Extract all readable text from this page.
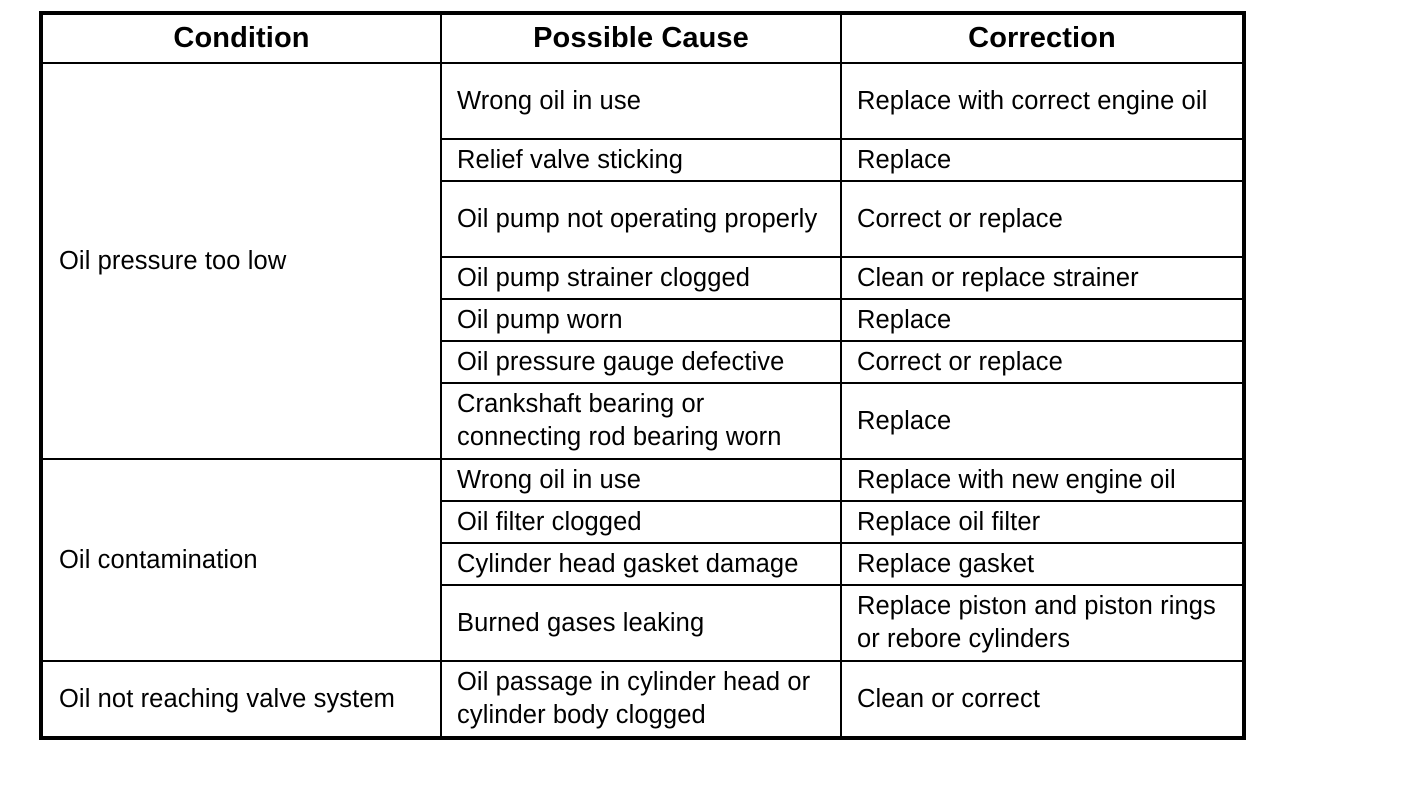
Condition	Possible Cause	Correction
Oil pressure too low	Wrong oil in use	Replace with correct engine oil
	Relief valve sticking	Replace
	Oil pump not operating properly	Correct or replace
	Oil pump strainer clogged	Clean or replace strainer
	Oil pump worn	Replace
	Oil pressure gauge defective	Correct or replace
	Crankshaft bearing or connecting rod bearing worn	Replace
Oil contamination	Wrong oil in use	Replace with new engine oil
	Oil filter clogged	Replace oil filter
	Cylinder head gasket damage	Replace gasket
	Burned gases leaking	Replace piston and piston rings or rebore cylinders
Oil not reaching valve system	Oil passage in cylinder head or cylinder body clogged	Clean or correct
